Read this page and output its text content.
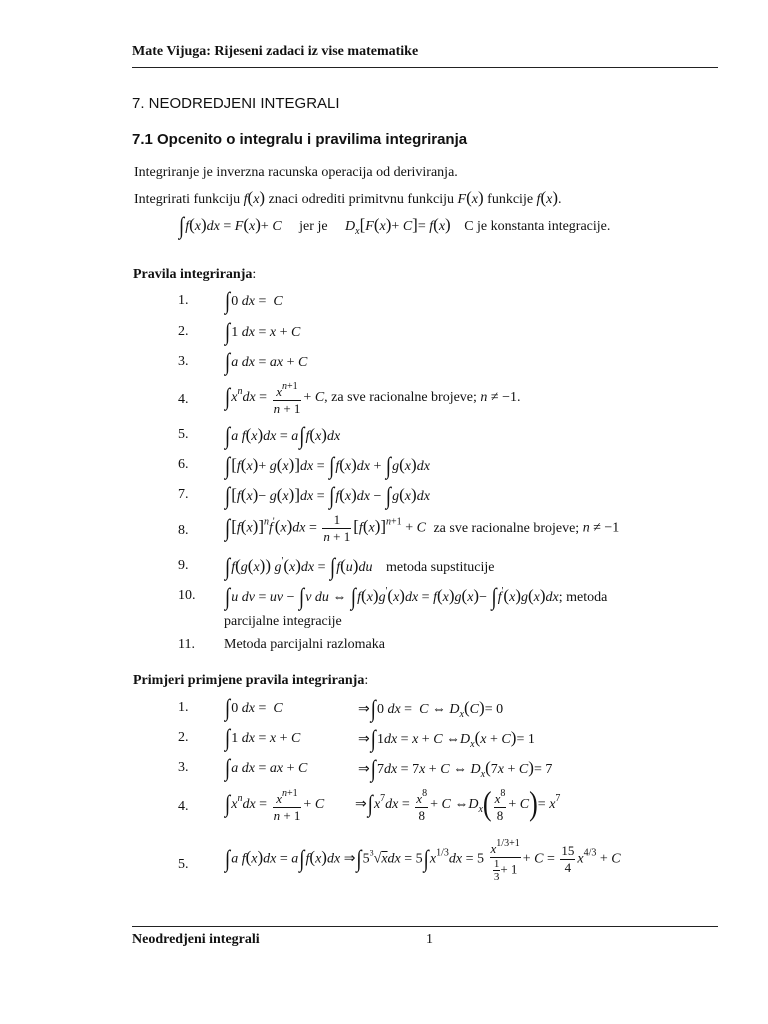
Mate Vijuga: Rijeseni zadaci iz vise matematike
7. NEODREDJENI INTEGRALI
7.1 Opcenito o integralu i pravilima integriranja
Integriranje je inverzna racunska operacija od deriviranja.
Integrirati funkciju f(x) znaci odrediti primitvnu funkciju F(x) funkcije f(x).
∫f(x)dx = F(x)+ C jer je $D_x[F(x)+ C]= f(x)$ C je konstanta integracije.
Pravila integriranja:
1. ∫0 dx =  C
2. ∫1 dx = x + C
3. ∫a dx = ax + C
4. $\int x^ndx = \frac{x^{n+1}}{n + 1} + C$, za sve racionalne brojeve; n ≠ −1.
5. ∫a f(x)dx = a∫f(x)dx
6. ∫[f(x)+ g(x)]dx = ∫f(x)dx + ∫g(x)dx
7. ∫[f(x)− g(x)]dx = ∫f(x)dx − ∫g(x)dx
8. $\int[f(x)]^nf'(x)dx = \frac{1}{n + 1} [f(x)]^{n+1} + C$ za sve racionalne brojeve; n ≠ −1
9. ∫f(g(x)) g'(x)dx = ∫f(u)du metoda supstitucije
10. ∫u dv = uv − ∫v du ⇔ ∫f(x)g'(x)dx = f(x)g(x)− ∫f'(x)g(x)dx; metoda
parcijalne integracije
11. Metoda parcijalni razlomaka
Primjeri primjene pravila integriranja:
1. ∫0 dx =  C	⇒∫0 dx =  C ⇔ $D_x(C)= 0$
2. ∫1 dx = x + C	⇒∫1dx = x + C $\Leftrightarrow D_x(x + C)= 1$
3. ∫a dx = ax + C	⇒∫7dx = 7x + C ⇔ $D_x(7x + C)= 7$
4. $\int x^ndx = \frac{x^{n+1}}{n + 1} + C$ $\Rightarrow\int x^7dx = \frac{x^8}{8} + C$ $\Leftrightarrow D_x( \frac{x^8}{8} + C)= x^7$
5. ∫a f(x)dx = a∫f(x)dx $\Rightarrow\int 5^3√xdx = 5\int x^{1/3}dx = 5 \frac{x^{1/3+1}}{\frac{1}{3} + 1} + C = \frac{15}{4} x^{4/3} + C$
Neodredjeni integrali	1
